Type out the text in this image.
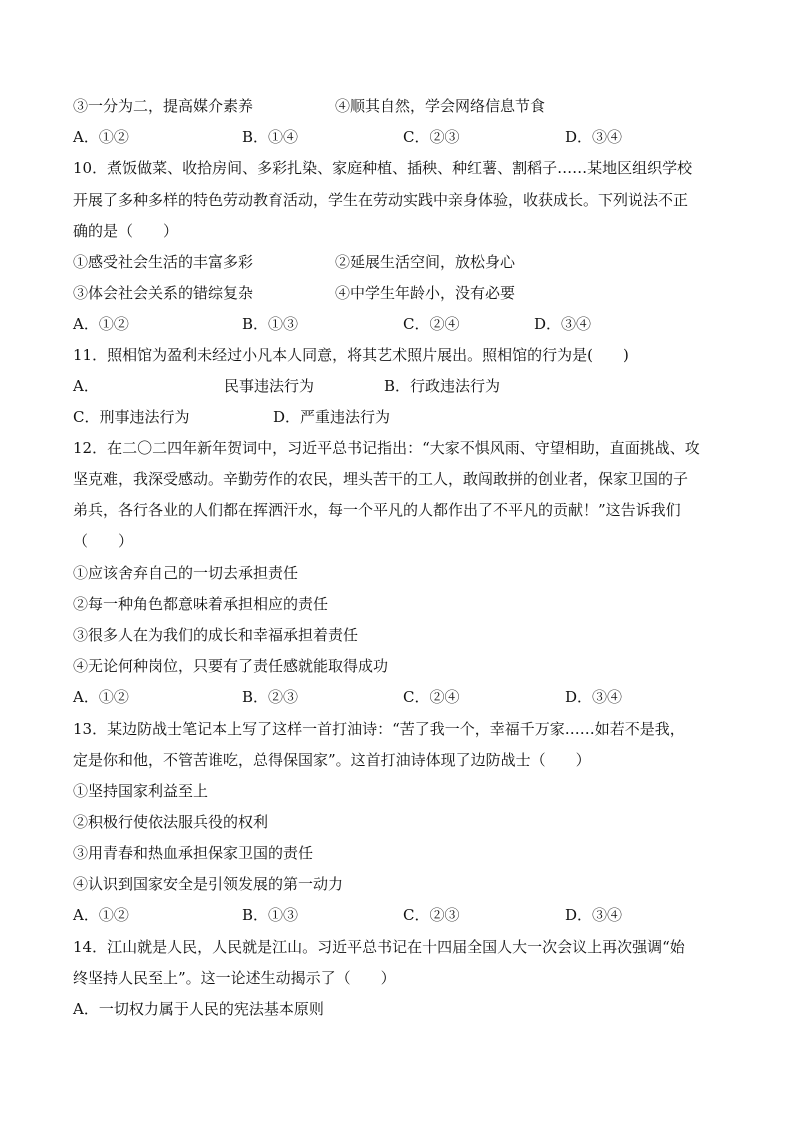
③一分为二，提高媒介素养	④顺其自然，学会网络信息节食
A．①②	B．①④	C．②③	D．③④
10．煮饭做菜、收拾房间、多彩扎染、家庭种植、插秧、种红薯、割稻子……某地区组织学校
开展了多种多样的特色劳动教育活动，学生在劳动实践中亲身体验，收获成长。下列说法不正
确的是（　　）
①感受社会生活的丰富多彩	②延展生活空间，放松身心
③体会社会关系的错综复杂	④中学生年龄小，没有必要
A．①②	B．①③	C．②④	D．③④
11．照相馆为盈利未经过小凡本人同意，将其艺术照片展出。照相馆的行为是(　　)
A．	民事违法行为	B．行政违法行为
C．刑事违法行为	D．严重违法行为
12．在二〇二四年新年贺词中，习近平总书记指出：“大家不惧风雨、守望相助，直面挑战、攻
坚克难，我深受感动。辛勤劳作的农民，埋头苦干的工人，敢闯敢拼的创业者，保家卫国的子
弟兵，各行各业的人们都在挥洒汗水，每一个平凡的人都作出了不平凡的贡献！”这告诉我们
（　　）
①应该舍弃自己的一切去承担责任
②每一种角色都意味着承担相应的责任
③很多人在为我们的成长和幸福承担着责任
④无论何种岗位，只要有了责任感就能取得成功
A．①②	B．②③	C．②④	D．③④
13．某边防战士笔记本上写了这样一首打油诗：“苦了我一个，幸福千万家……如若不是我，
定是你和他，不管苦谁吃，总得保国家”。这首打油诗体现了边防战士（　　）
①坚持国家利益至上
②积极行使依法服兵役的权利
③用青春和热血承担保家卫国的责任
④认识到国家安全是引领发展的第一动力
A．①②	B．①③	C．②③	D．③④
14．江山就是人民，人民就是江山。习近平总书记在十四届全国人大一次会议上再次强调“始
终坚持人民至上”。这一论述生动揭示了（　　）
A．一切权力属于人民的宪法基本原则
